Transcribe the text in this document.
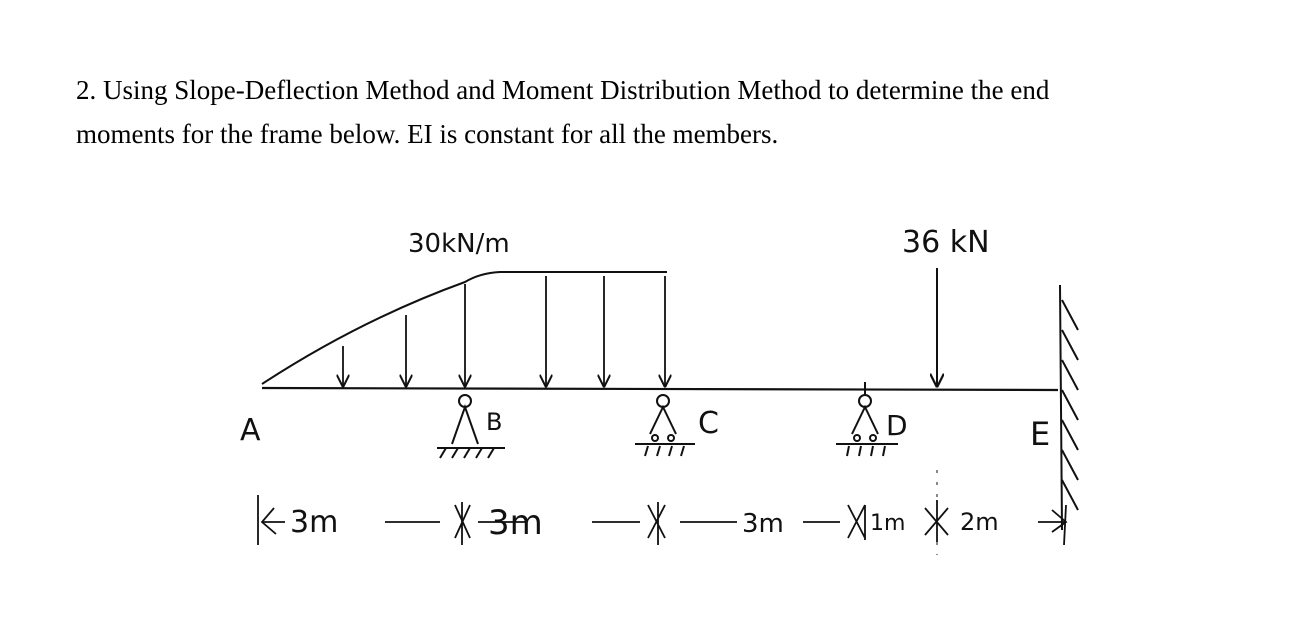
2. Using Slope-Deflection Method and Moment Distribution Method to determine the end
moments for the frame below. EI is constant for all the members.
30kN/m	36 kN
B	C	D
A	E
3m	3m	3m	1m 2m
